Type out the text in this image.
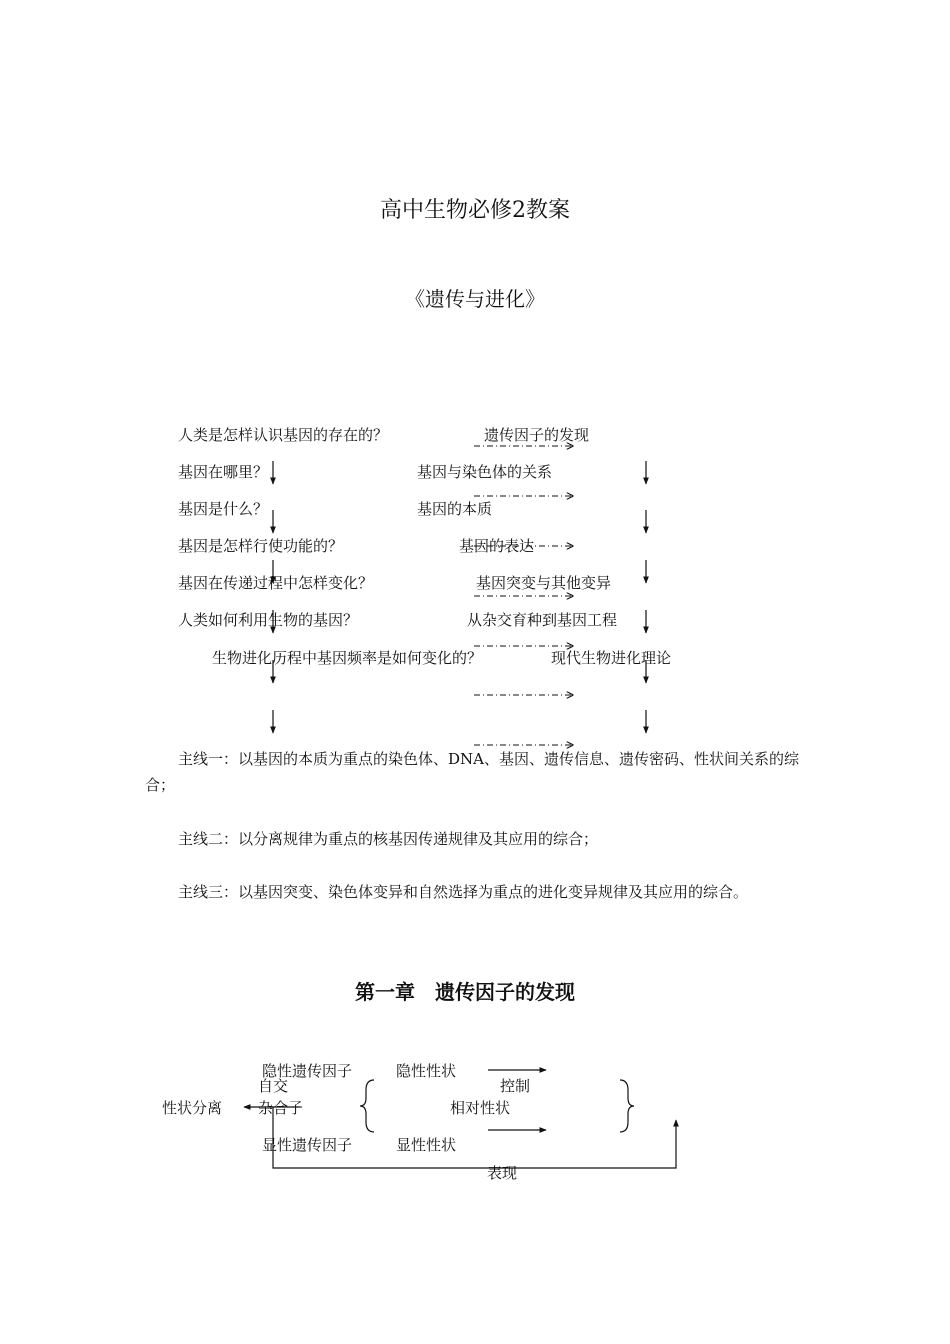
高中生物必修2教案
《遗传与进化》
人类是怎样认识基因的存在的？
基因在哪里？
基因是什么？
基因是怎样行使功能的？
基因在传递过程中怎样变化？
人类如何利用生物的基因？
生物进化历程中基因频率是如何变化的？
遗传因子的发现
基因与染色体的关系
基因的本质
基因的表达
基因突变与其他变异
从杂交育种到基因工程
现代生物进化理论
主线一：以基因的本质为重点的染色体、DNA、基因、遗传信息、遗传密码、性状间关系的综合；
主线二：以分离规律为重点的核基因传递规律及其应用的综合；
主线三：以基因突变、染色体变异和自然选择为重点的进化变异规律及其应用的综合。
第一章　遗传因子的发现
隐性遗传因子	隐性性状
自交	控制
性状分离 杂合子	相对性状
显性遗传因子	显性性状
表现
